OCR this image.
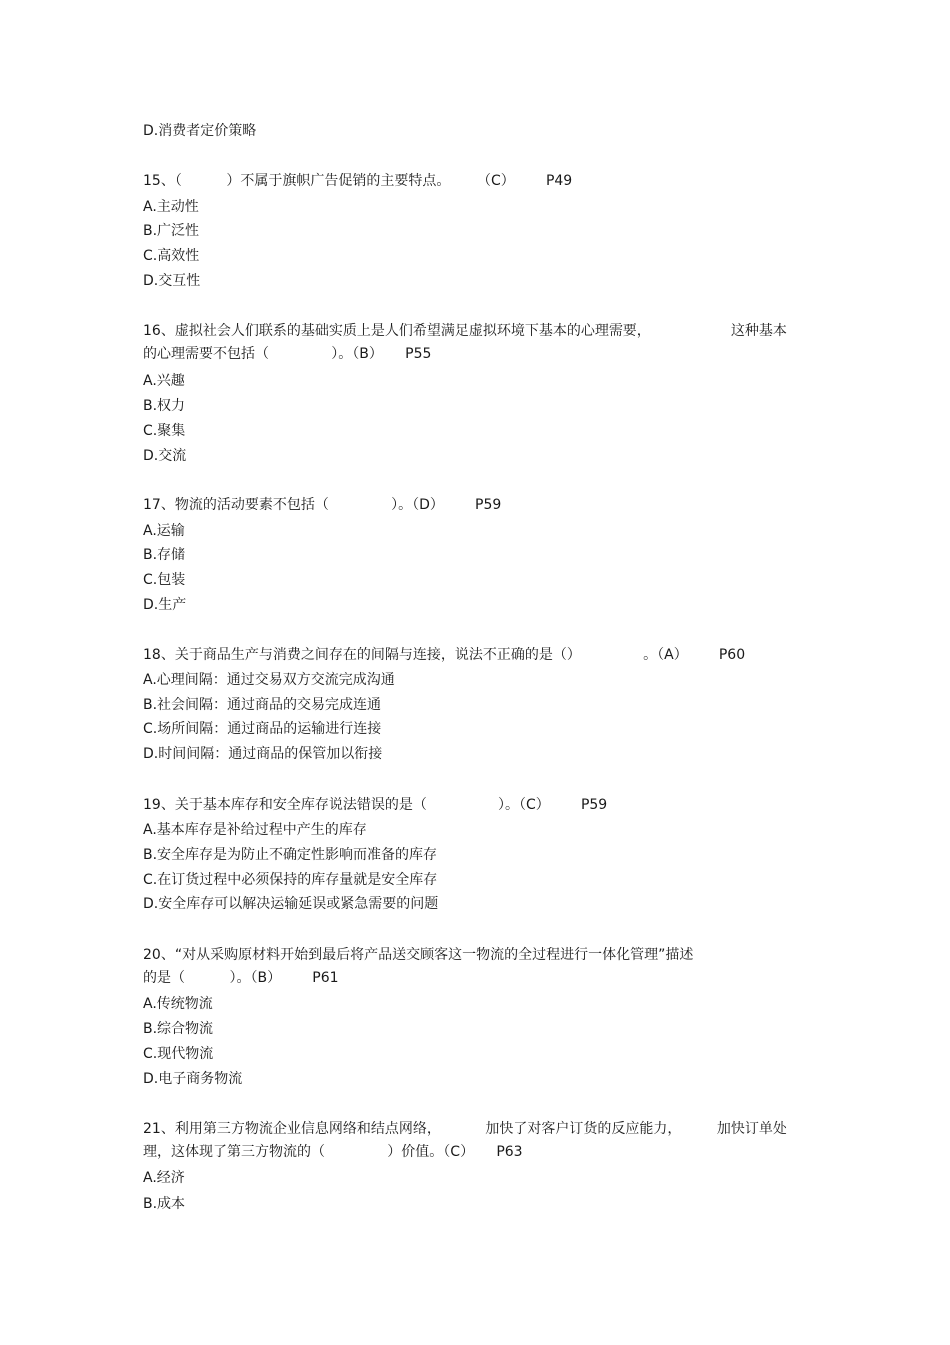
D.消费者定价策略
15、（          ）不属于旗帜广告促销的主要特点。      （C）       P49
A.主动性
B.广泛性
C.高效性
D.交互性
16、虚拟社会人们联系的基础实质上是人们希望满足虚拟环境下基本的心理需要，                  这种基本
的心理需要不包括（              ）。（B）     P55
A.兴趣
B.权力
C.聚集
D.交流
17、物流的活动要素不包括（              ）。（D）       P59
A.运输
B.存储
C.包装
D.生产
18、关于商品生产与消费之间存在的间隔与连接，说法不正确的是（）              。（A）       P60
A.心理间隔：通过交易双方交流完成沟通
B.社会间隔：通过商品的交易完成连通
C.场所间隔：通过商品的运输进行连接
D.时间间隔：通过商品的保管加以衔接
19、关于基本库存和安全库存说法错误的是（                ）。（C）       P59
A.基本库存是补给过程中产生的库存
B.安全库存是为防止不确定性影响而准备的库存
C.在订货过程中必须保持的库存量就是安全库存
D.安全库存可以解决运输延误或紧急需要的问题
20、“对从采购原材料开始到最后将产品送交顾客这一物流的全过程进行一体化管理”描述
的是（          ）。（B）       P61
A.传统物流
B.综合物流
C.现代物流
D.电子商务物流
21、利用第三方物流企业信息网络和结点网络，          加快了对客户订货的反应能力，        加快订单处
理，这体现了第三方物流的（              ）价值。（C）     P63
A.经济
B.成本
